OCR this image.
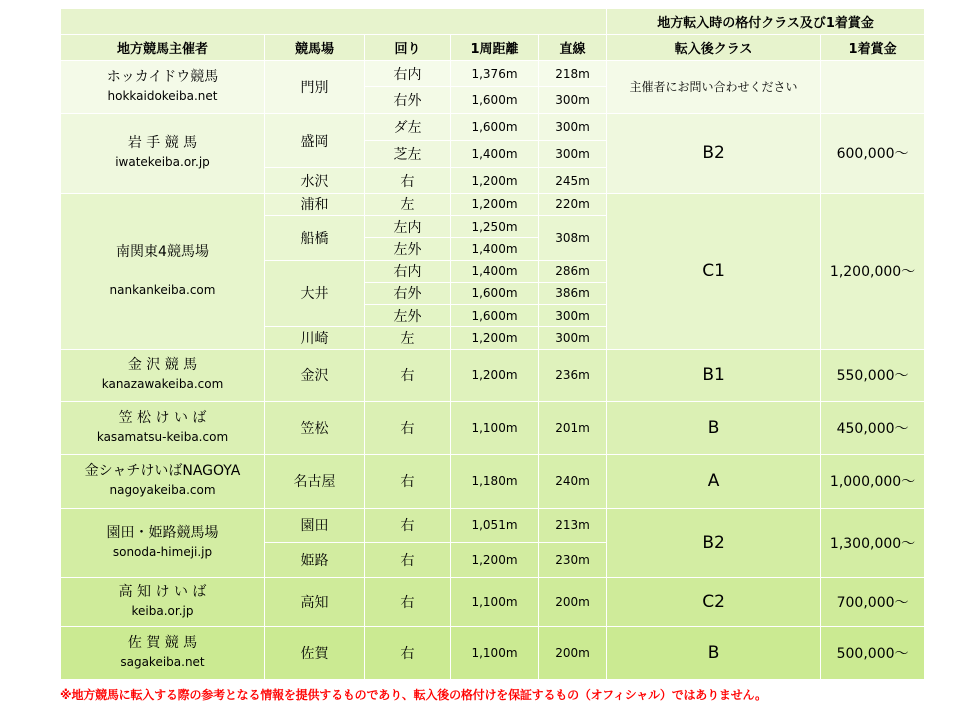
					地方転入時の格付クラス及び1着賞金	
地方競馬主催者	競馬場	回り	1周距離	直線	転入後クラス	1着賞金
ホッカイドウ競馬
hokkaidokeiba.net	門別	右内	1,376m	218m	主催者にお問い合わせください	
		右外	1,600m	300m		
岩 手 競 馬
iwatekeiba.or.jp	盛岡	ダ左	1,600m	300m	B2	600,000～
		芝左	1,400m	300m		
	水沢	右	1,200m	245m		
南関東4競馬場

nankankeiba.com	浦和	左	1,200m	220m	C1	1,200,000～
	船橋	左内	1,250m	308m		
		左外	1,400m			
	大井	右内	1,400m	286m		
		右外	1,600m	386m		
		左外	1,600m	300m		
	川崎	左	1,200m	300m		
金 沢 競 馬
kanazawakeiba.com	金沢	右	1,200m	236m	B1	550,000～
笠 松 け い ば
kasamatsu-keiba.com	笠松	右	1,100m	201m	B	450,000～
金シャチけいばNAGOYA
nagoyakeiba.com	名古屋	右	1,180m	240m	A	1,000,000～
園田・姫路競馬場
sonoda-himeji.jp	園田	右	1,051m	213m	B2	1,300,000～
	姫路	右	1,200m	230m		
高 知 け い ば
keiba.or.jp	高知	右	1,100m	200m	C2	700,000～
佐 賀 競 馬
sagakeiba.net	佐賀	右	1,100m	200m	B	500,000～
※地方競馬に転入する際の参考となる情報を提供するものであり、転入後の格付けを保証するもの（オフィシャル）ではありません。
